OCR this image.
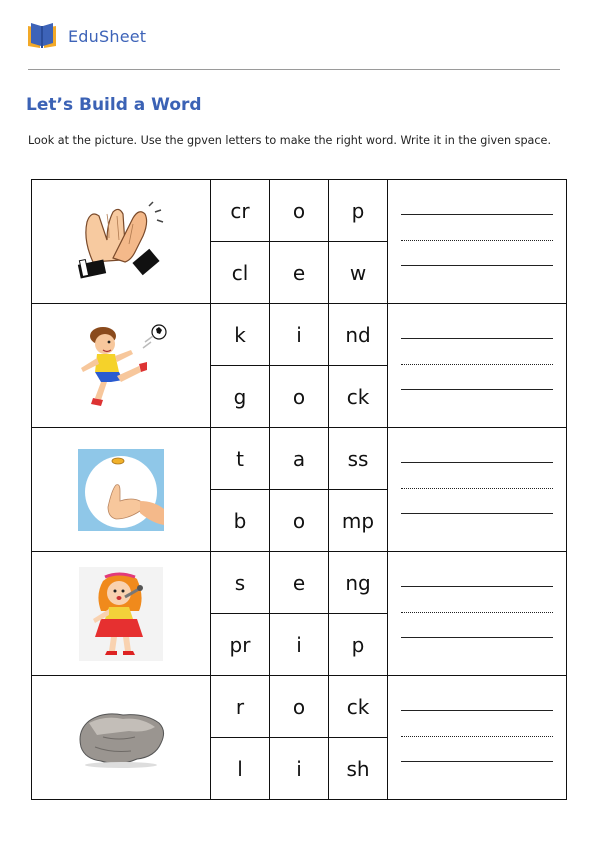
EduSheet
Let’s Build a Word
Look at the picture. Use the gpven letters to make the right word. Write it in the given space.
	cr	o	p	

	cl	e	w	

	k	i	nd	

	g	o	ck	

	t	a	ss	

	b	o	mp	

	s	e	ng	

	pr	i	p	

	r	o	ck	

	l	i	sh	
